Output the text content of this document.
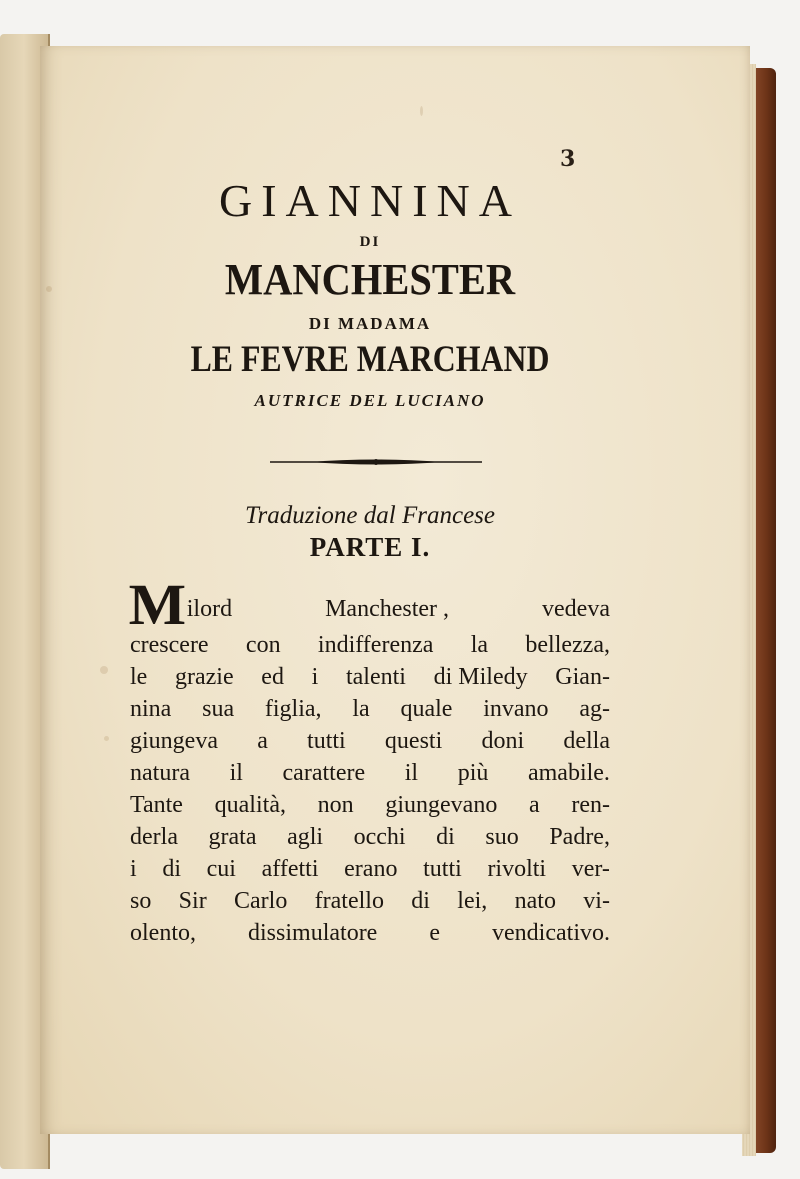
3
GIANNINA
DI
MANCHESTER
DI MADAMA
LE FEVRE MARCHAND
AUTRICE DEL LUCIANO
Traduzione dal Francese
PARTE I.
M ilord	Manchester ,	vedeva
crescere con indifferenza la bellezza,
le grazie ed i talenti di Miledy Gian-
nina sua figlia, la quale invano ag-
giungeva a tutti questi doni della
natura il carattere il più amabile.
Tante qualità, non giungevano a ren-
derla grata agli occhi di suo Padre,
i di cui affetti erano tutti rivolti ver-
so Sir Carlo fratello di lei, nato vi-
olento, dissimulatore e vendicativo.
